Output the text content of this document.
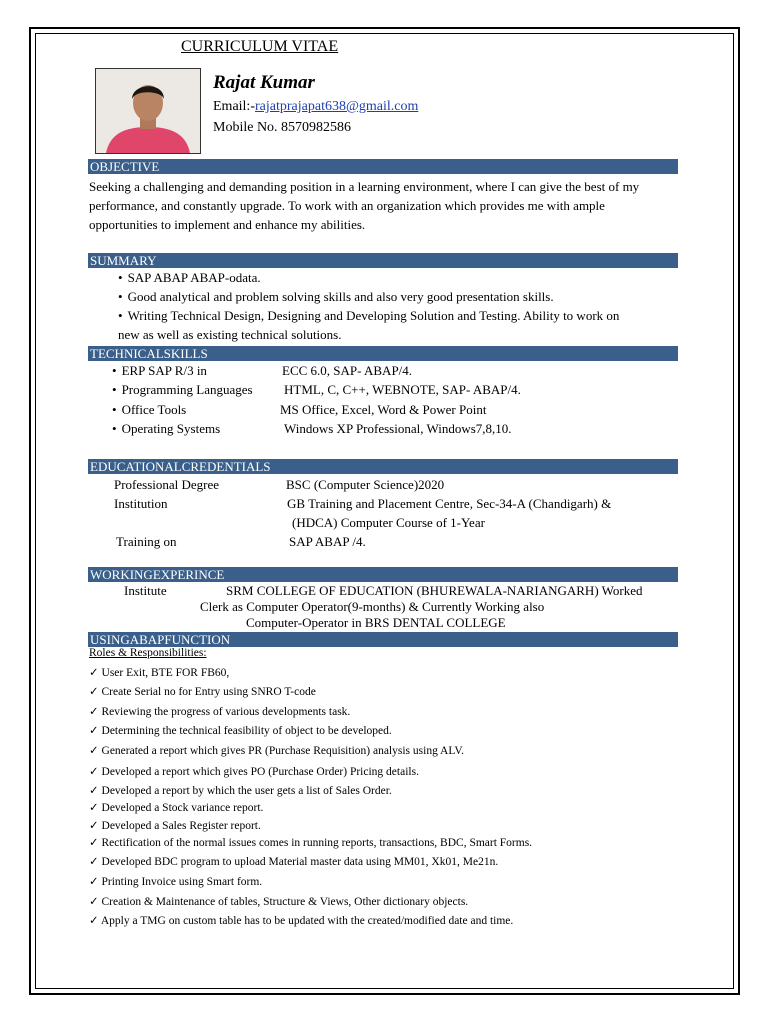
CURRICULUM VITAE
Rajat Kumar
Email:-rajatprajapat638@gmail.com
Mobile No. 8570982586
OBJECTIVE
Seeking a challenging and demanding position in a learning environment, where I can give the best of my
performance, and constantly upgrade. To work with an organization which provides me with ample
opportunities to implement and enhance my abilities.
SUMMARY
• SAP ABAP ABAP-odata.
• Good analytical and problem solving skills and also very good presentation skills.
• Writing Technical Design, Designing and Developing Solution and Testing. Ability to work on
new as well as existing technical solutions.
TECHNICALSKILLS
• ERP SAP R/3 in	ECC 6.0, SAP- ABAP/4.
• Programming Languages HTML, C, C++, WEBNOTE, SAP- ABAP/4.
• Office Tools	MS Office, Excel, Word & Power Point
• Operating Systems	Windows XP Professional, Windows7,8,10.
EDUCATIONALCREDENTIALS
Professional Degree	BSC (Computer Science)2020
Institution	GB Training and Placement Centre, Sec-34-A (Chandigarh) &
(HDCA) Computer Course of 1-Year
Training on	SAP ABAP /4.
WORKINGEXPERINCE
Institute	SRM COLLEGE OF EDUCATION (BHUREWALA-NARIANGARH) Worked
Clerk as Computer Operator(9-months) & Currently Working also
Computer-Operator in BRS DENTAL COLLEGE
USINGABAPFUNCTION
Roles & Responsibilities:
✓ User Exit, BTE FOR FB60,
✓ Create Serial no for Entry using SNRO T-code
✓ Reviewing the progress of various developments task.
✓ Determining the technical feasibility of object to be developed.
✓ Generated a report which gives PR (Purchase Requisition) analysis using ALV.
✓ Developed a report which gives PO (Purchase Order) Pricing details.
✓ Developed a report by which the user gets a list of Sales Order.
✓ Developed a Stock variance report.
✓ Developed a Sales Register report.
✓ Rectification of the normal issues comes in running reports, transactions, BDC, Smart Forms.
✓ Developed BDC program to upload Material master data using MM01, Xk01, Me21n.
✓ Printing Invoice using Smart form.
✓ Creation & Maintenance of tables, Structure & Views, Other dictionary objects.
✓ Apply a TMG on custom table has to be updated with the created/modified date and time.
